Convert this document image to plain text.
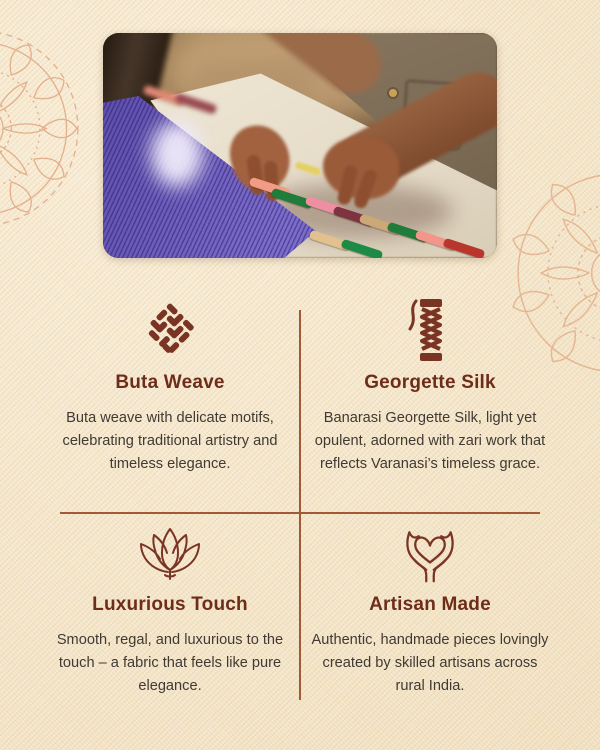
Buta Weave

Buta weave with delicate motifs, celebrating traditional artistry and timeless elegance.

Georgette Silk

Banarasi Georgette Silk, light yet opulent, adorned with zari work that reflects Varanasi’s timeless grace.

Luxurious Touch

Smooth, regal, and luxurious to the touch – a fabric that feels like pure elegance.

Artisan Made

Authentic, handmade pieces lovingly created by skilled artisans across rural India.
